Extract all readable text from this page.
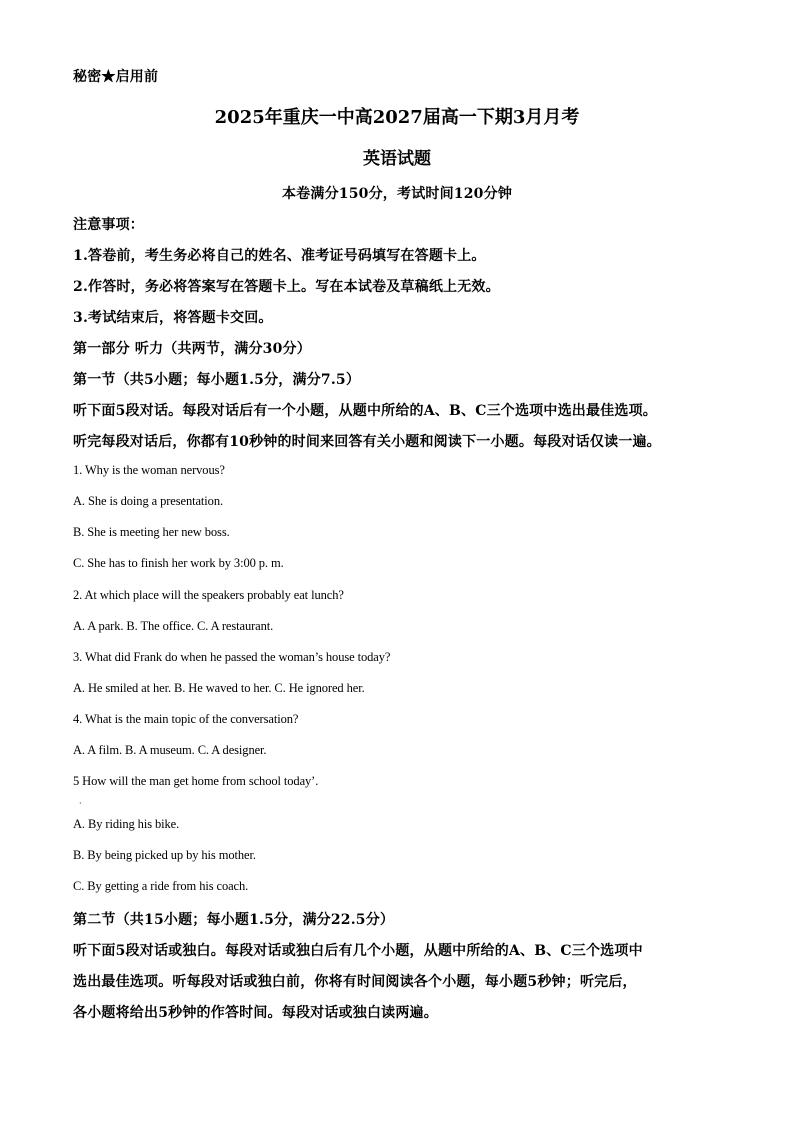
秘密★启用前
2025年重庆一中高2027届高一下期3月月考
英语试题
本卷满分150分，考试时间120分钟
注意事项：
1.答卷前，考生务必将自己的姓名、准考证号码填写在答题卡上。
2.作答时，务必将答案写在答题卡上。写在本试卷及草稿纸上无效。
3.考试结束后，将答题卡交回。
第一部分 听力（共两节，满分30分）
第一节（共5小题；每小题1.5分，满分7.5）
听下面5段对话。每段对话后有一个小题，从题中所给的A、B、C三个选项中选出最佳选项。
听完每段对话后，你都有10秒钟的时间来回答有关小题和阅读下一小题。每段对话仅读一遍。
1. Why is the woman nervous?
A. She is doing a presentation.
B. She is meeting her new boss.
C. She has to finish her work by 3:00 p. m.
2. At which place will the speakers probably eat lunch?
A. A park. B. The office. C. A restaurant.
3. What did Frank do when he passed the woman’s house today?
A. He smiled at her. B. He waved to her. C. He ignored her.
4. What is the main topic of the conversation?
A. A film. B. A museum. C. A designer.
5 How will the man get home from school today’.
·
A. By riding his bike.
B. By being picked up by his mother.
C. By getting a ride from his coach.
第二节（共15小题；每小题1.5分，满分22.5分）
听下面5段对话或独白。每段对话或独白后有几个小题，从题中所给的A、B、C三个选项中
选出最佳选项。听每段对话或独白前，你将有时间阅读各个小题，每小题5秒钟；听完后，
各小题将给出5秒钟的作答时间。每段对话或独白读两遍。
